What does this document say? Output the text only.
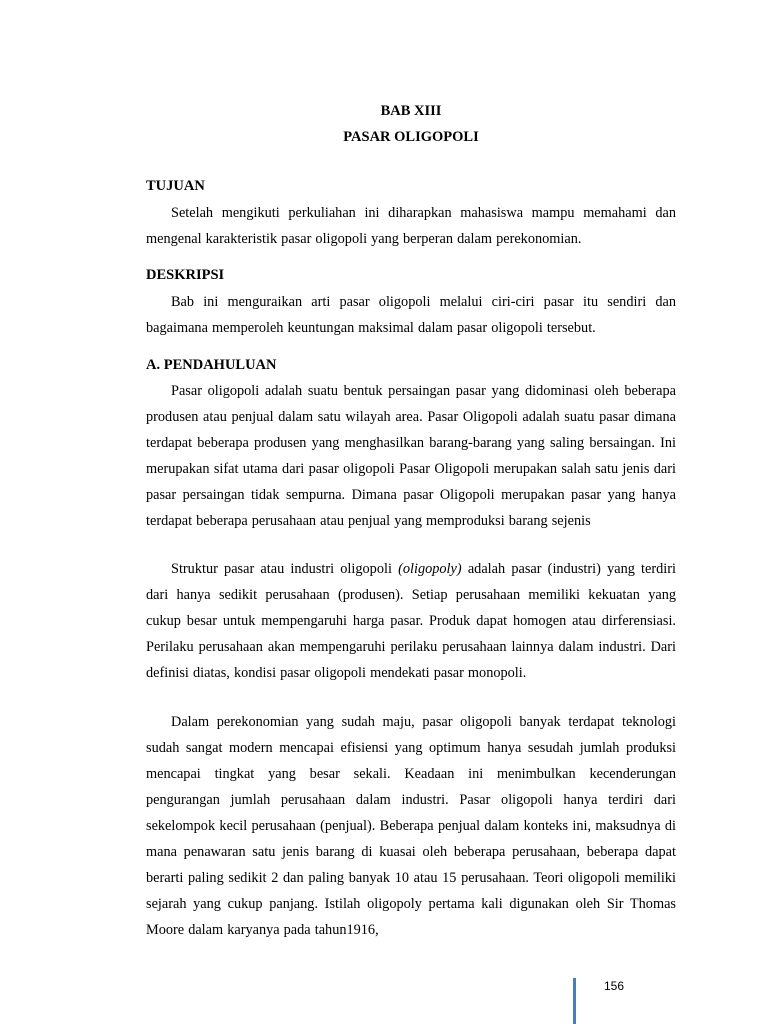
BAB XIII
PASAR OLIGOPOLI
TUJUAN

Setelah mengikuti perkuliahan ini diharapkan mahasiswa mampu memahami dan mengenal karakteristik pasar oligopoli yang berperan dalam perekonomian.

DESKRIPSI

Bab ini menguraikan arti pasar oligopoli melalui ciri-ciri pasar itu sendiri dan bagaimana memperoleh keuntungan maksimal dalam pasar oligopoli tersebut.

A. PENDAHULUAN

Pasar oligopoli adalah suatu bentuk persaingan pasar yang didominasi oleh beberapa produsen atau penjual dalam satu wilayah area. Pasar Oligopoli adalah suatu pasar dimana terdapat beberapa produsen yang menghasilkan barang-barang yang saling bersaingan. Ini merupakan sifat utama dari pasar oligopoli Pasar Oligopoli merupakan salah satu jenis dari pasar persaingan tidak sempurna. Dimana pasar Oligopoli merupakan pasar yang hanya terdapat beberapa perusahaan atau penjual yang memproduksi barang sejenis

Struktur pasar atau industri oligopoli (oligopoly) adalah pasar (industri) yang terdiri dari hanya sedikit perusahaan (produsen). Setiap perusahaan memiliki kekuatan yang cukup besar untuk mempengaruhi harga pasar. Produk dapat homogen atau dirferensiasi. Perilaku perusahaan akan mempengaruhi perilaku perusahaan lainnya dalam industri. Dari definisi diatas, kondisi pasar oligopoli mendekati pasar monopoli.

Dalam perekonomian yang sudah maju, pasar oligopoli banyak terdapat teknologi sudah sangat modern mencapai efisiensi yang optimum hanya sesudah jumlah produksi mencapai tingkat yang besar sekali. Keadaan ini menimbulkan kecenderungan pengurangan jumlah perusahaan dalam industri. Pasar oligopoli hanya terdiri dari sekelompok kecil perusahaan (penjual). Beberapa penjual dalam konteks ini, maksudnya di mana penawaran satu jenis barang di kuasai oleh beberapa perusahaan, beberapa dapat berarti paling sedikit 2 dan paling banyak 10 atau 15 perusahaan. Teori oligopoli memiliki sejarah yang cukup panjang. Istilah oligopoly pertama kali digunakan oleh Sir Thomas Moore dalam karyanya pada tahun1916,

156
